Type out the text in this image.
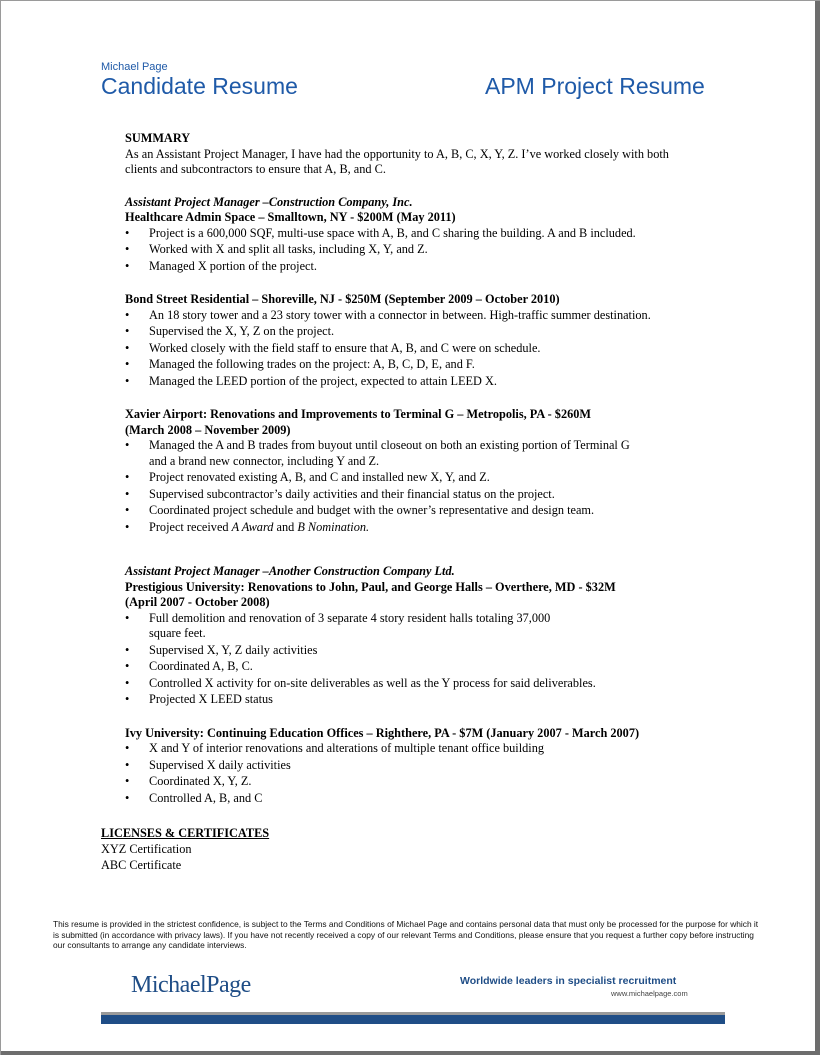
Michael Page
Candidate Resume	APM Project Resume
SUMMARY
As an Assistant Project Manager, I have had the opportunity to A, B, C, X, Y, Z. I’ve worked closely with both
clients and subcontractors to ensure that A, B, and C.
Assistant Project Manager –Construction Company, Inc.
Healthcare Admin Space – Smalltown, NY - $200M (May 2011)
• Project is a 600,000 SQF, multi-use space with A, B, and C sharing the building. A and B included.
• Worked with X and split all tasks, including X, Y, and Z.
• Managed X portion of the project.
Bond Street Residential – Shoreville, NJ - $250M (September 2009 – October 2010)
• An 18 story tower and a 23 story tower with a connector in between. High-traffic summer destination.
• Supervised the X, Y, Z on the project.
• Worked closely with the field staff to ensure that A, B, and C were on schedule.
• Managed the following trades on the project: A, B, C, D, E, and F.
• Managed the LEED portion of the project, expected to attain LEED X.
Xavier Airport: Renovations and Improvements to Terminal G – Metropolis, PA - $260M
(March 2008 – November 2009)
• Managed the A and B trades from buyout until closeout on both an existing portion of Terminal G
and a brand new connector, including Y and Z.
• Project renovated existing A, B, and C and installed new X, Y, and Z.
• Supervised subcontractor’s daily activities and their financial status on the project.
• Coordinated project schedule and budget with the owner’s representative and design team.
• Project received A Award and B Nomination.
Assistant Project Manager –Another Construction Company Ltd.
Prestigious University: Renovations to John, Paul, and George Halls – Overthere, MD - $32M
(April 2007 - October 2008)
• Full demolition and renovation of 3 separate 4 story resident halls totaling 37,000
square feet.
• Supervised X, Y, Z daily activities
• Coordinated A, B, C.
• Controlled X activity for on-site deliverables as well as the Y process for said deliverables.
• Projected X LEED status
Ivy University: Continuing Education Offices – Righthere, PA - $7M (January 2007 - March 2007)
• X and Y of interior renovations and alterations of multiple tenant office building
• Supervised X daily activities
• Coordinated X, Y, Z.
• Controlled A, B, and C
LICENSES & CERTIFICATES
XYZ Certification
ABC Certificate
This resume is provided in the strictest confidence, is subject to the Terms and Conditions of Michael Page and contains personal data that must only be processed for the purpose for which it is submitted (in accordance with privacy laws). If you have not recently received a copy of our relevant Terms and Conditions, please ensure that you request a further copy before instructing our consultants to arrange any candidate interviews.
MichaelPage	Worldwide leaders in specialist recruitment
www.michaelpage.com
